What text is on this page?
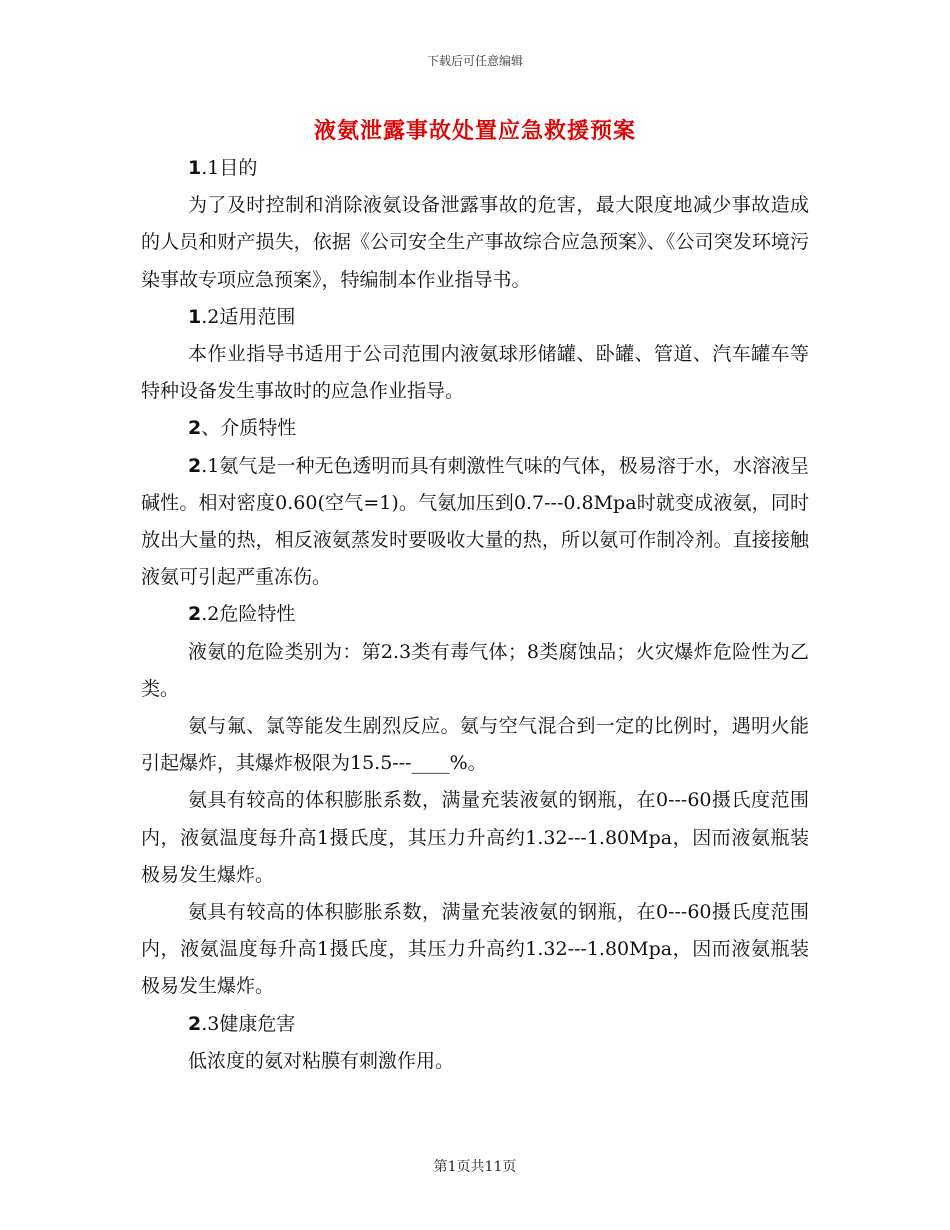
下载后可任意编辑
液氨泄露事故处置应急救援预案

1.1目的

为了及时控制和消除液氨设备泄露事故的危害，最大限度地减少事故造成的人员和财产损失，依据《公司安全生产事故综合应急预案》、《公司突发环境污染事故专项应急预案》，特编制本作业指导书。

1.2适用范围

本作业指导书适用于公司范围内液氨球形储罐、卧罐、管道、汽车罐车等特种设备发生事故时的应急作业指导。

2、介质特性

2.1氨气是一种无色透明而具有刺激性气味的气体，极易溶于水，水溶液呈碱性。相对密度0.60(空气=1)。气氨加压到0.7---0.8Mpa时就变成液氨，同时放出大量的热，相反液氨蒸发时要吸收大量的热，所以氨可作制冷剂。直接接触液氨可引起严重冻伤。

2.2危险特性

液氨的危险类别为：第2.3类有毒气体；8类腐蚀品；火灾爆炸危险性为乙类。

氨与氟、氯等能发生剧烈反应。氨与空气混合到一定的比例时，遇明火能引起爆炸，其爆炸极限为15.5---____%。

氨具有较高的体积膨胀系数，满量充装液氨的钢瓶，在0---60摄氏度范围内，液氨温度每升高1摄氏度，其压力升高约1.32---1.80Mpa，因而液氨瓶装极易发生爆炸。

氨具有较高的体积膨胀系数，满量充装液氨的钢瓶，在0---60摄氏度范围内，液氨温度每升高1摄氏度，其压力升高约1.32---1.80Mpa，因而液氨瓶装极易发生爆炸。

2.3健康危害

低浓度的氨对粘膜有刺激作用。

第1页共11页
